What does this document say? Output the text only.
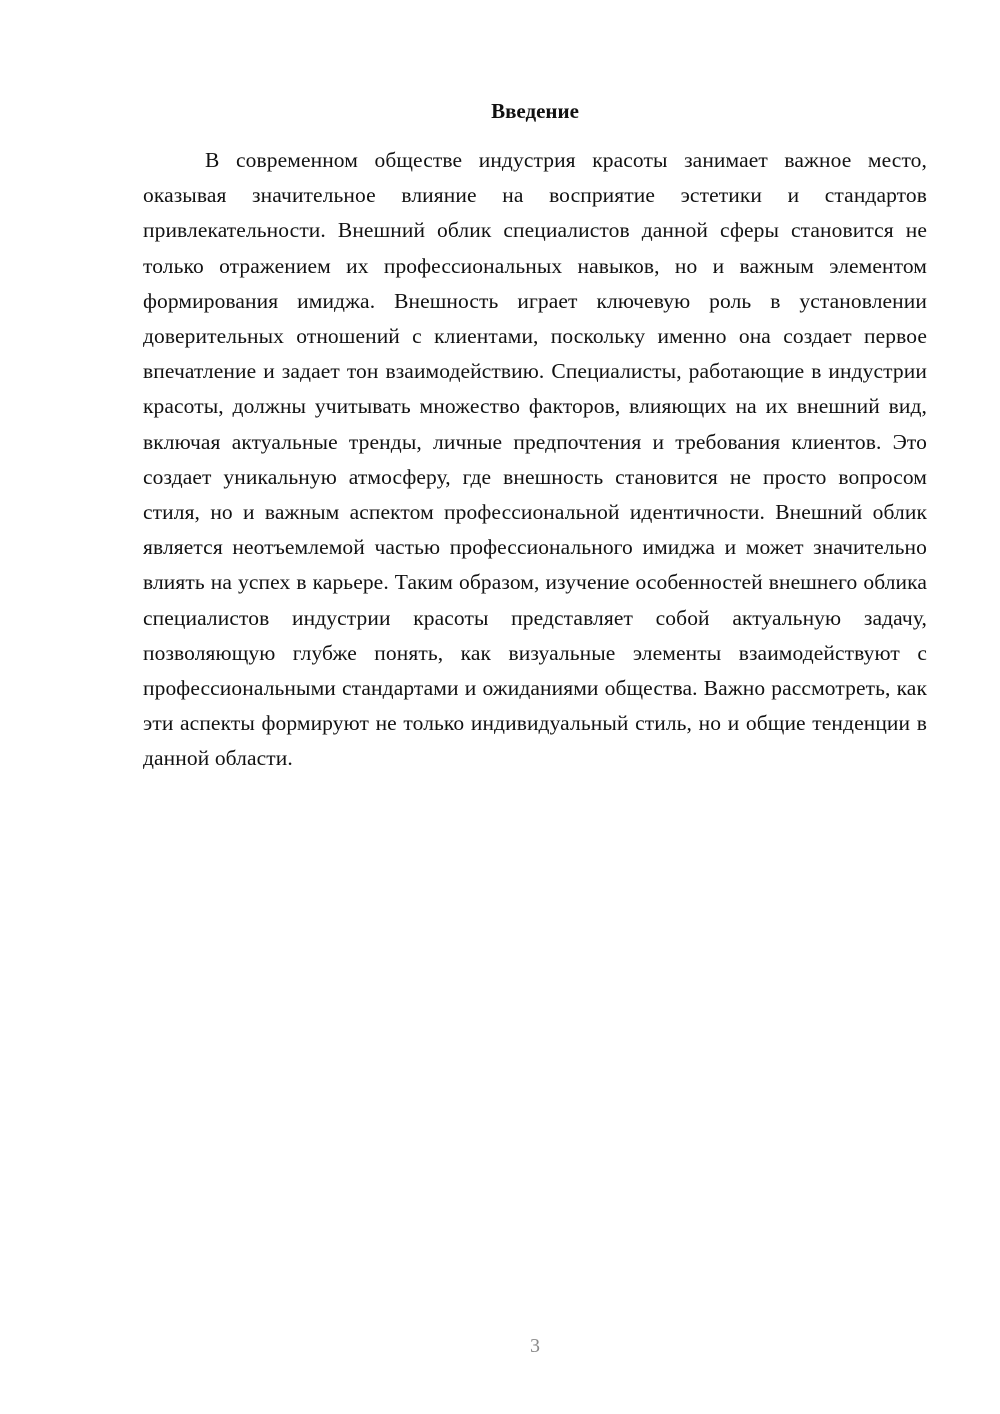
Введение

В современном обществе индустрия красоты занимает важное место, оказывая значительное влияние на восприятие эстетики и стандартов привлекательности. Внешний облик специалистов данной сферы становится не только отражением их профессиональных навыков, но и важным элементом формирования имиджа. Внешность играет ключевую роль в установлении доверительных отношений с клиентами, поскольку именно она создает первое впечатление и задает тон взаимодействию. Специалисты, работающие в индустрии красоты, должны учитывать множество факторов, влияющих на их внешний вид, включая актуальные тренды, личные предпочтения и требования клиентов. Это создает уникальную атмосферу, где внешность становится не просто вопросом стиля, но и важным аспектом профессиональной идентичности. Внешний облик является неотъемлемой частью профессионального имиджа и может значительно влиять на успех в карьере. Таким образом, изучение особенностей внешнего облика специалистов индустрии красоты представляет собой актуальную задачу, позволяющую глубже понять, как визуальные элементы взаимодействуют с профессиональными стандартами и ожиданиями общества. Важно рассмотреть, как эти аспекты формируют не только индивидуальный стиль, но и общие тенденции в данной области.

3
